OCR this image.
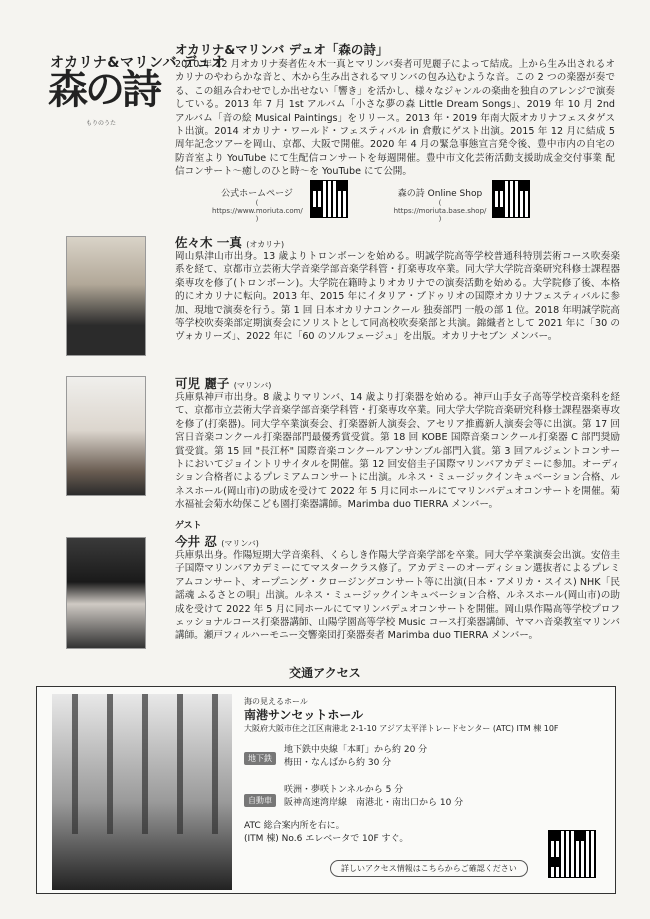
オカリナ&マリンバ デュオ
森の詩
もりのうた
オカリナ&マリンバ デュオ「森の詩」
2010 年 12 月オカリナ奏者佐々木一真とマリンバ奏者可児麗子によって結成。上から生み出されるオカリナのやわらかな音と、木から生み出されるマリンバの包み込むような音。この 2 つの楽器が奏でる、この組み合わせでしか出せない「響き」を活かし、様々なジャンルの楽曲を独自のアレンジで演奏している。2013 年 7 月 1st アルバム「小さな夢の森 Little Dream Songs」、2019 年 10 月 2nd アルバム「音の絵 Musical Paintings」をリリース。2013 年・2019 年南大阪オカリナフェスタゲスト出演。2014 オカリナ・ワールド・フェスティバル in 倉敷にゲスト出演。2015 年 12 月に結成 5 周年記念ツアーを岡山、京都、大阪で開催。2020 年 4 月の緊急事態宣言発令後、豊中市内の自宅の防音室より YouTube にて生配信コンサートを毎週開催。豊中市文化芸術活動支援助成金交付事業 配信コンサート〜癒しのひと時〜を YouTube にて公開。
公式ホームページ
( https://www.moriuta.com/ )
森の詩 Online Shop
( https://moriuta.base.shop/ )
佐々木 一真 (オカリナ)
岡山県津山市出身。13 歳よりトロンボーンを始める。明誠学院高等学校普通科特別芸術コース吹奏楽系を経て、京都市立芸術大学音楽学部音楽学科管・打楽専攻卒業。同大学大学院音楽研究科修士課程器楽専攻を修了(トロンボーン)。大学院在籍時よりオカリナでの演奏活動を始める。大学院修了後、本格的にオカリナに転向。2013 年、2015 年にイタリア・ブドゥリオの国際オカリナフェスティバルに参加、現地で演奏を行う。第 1 回 日本オカリナコンクール 独奏部門 一般の部 1 位。2018 年明誠学院高等学校吹奏楽部定期演奏会にソリストとして同高校吹奏楽部と共演。錦織者として 2021 年に「30 のヴォカリーズ」、2022 年に「60 のソルフェージュ」を出版。オカリナセブン メンバー。
可児 麗子 (マリンバ)
兵庫県神戸市出身。8 歳よりマリンバ、14 歳より打楽器を始める。神戸山手女子高等学校音楽科を経て、京都市立芸術大学音楽学部音楽学科管・打楽専攻卒業。同大学大学院音楽研究科修士課程器楽専攻を修了(打楽器)。同大学卒業演奏会、打楽器新人演奏会、アセリア推薦新人演奏会等に出演。第 17 回宮日音楽コンクール打楽器部門最優秀賞受賞。第 18 回 KOBE 国際音楽コンクール打楽器 C 部門奨励賞受賞。第 15 回 "長江杯" 国際音楽コンクールアンサンブル部門入賞。第 3 回アルジェントコンサートにおいてジョイントリサイタルを開催。第 12 回安倍圭子国際マリンバアカデミーに参加。オーディション合格者によるプレミアムコンサートに出演。ルネス・ミュージックインキュベーション合格、ルネスホール(岡山市)の助成を受けて 2022 年 5 月に同ホールにてマリンバデュオコンサートを開催。菊水福祉会菊水幼保こども園打楽器講師。Marimba duo TIERRA メンバー。
ゲスト
今井 忍 (マリンバ)
兵庫県出身。作陽短期大学音楽科、くらしき作陽大学音楽学部を卒業。同大学卒業演奏会出演。安倍圭子国際マリンバアカデミーにてマスタークラス修了。アカデミーのオーディション選抜者によるプレミアムコンサート、オープニング・クロージングコンサート等に出演(日本・アメリカ・スイス) NHK「民謡魂 ふるさとの唄」出演。ルネス・ミュージックインキュベーション合格、ルネスホール(岡山市)の助成を受けて 2022 年 5 月に同ホールにてマリンバデュオコンサートを開催。岡山県作陽高等学校プロフェッショナルコース打楽器講師、山陽学園高等学校 Music コース打楽器講師、ヤマハ音楽教室マリンバ講師。瀬戸フィルハーモニー交響楽団打楽器奏者 Marimba duo TIERRA メンバー。
交通アクセス
海の見えるホール
南港サンセットホール
大阪府大阪市住之江区南港北 2-1-10 アジア太平洋トレードセンター (ATC) ITM 棟 10F
地下鉄
地下鉄中央線「本町」から約 20 分
梅田・なんばから約 30 分
自動車
咲洲・夢咲トンネルから 5 分
阪神高速湾岸線　南港北・南出口から 10 分
ATC 総合案内所を右に。
(ITM 棟) No.6 エレベータで 10F すぐ。
詳しいアクセス情報はこちらからご確認ください
